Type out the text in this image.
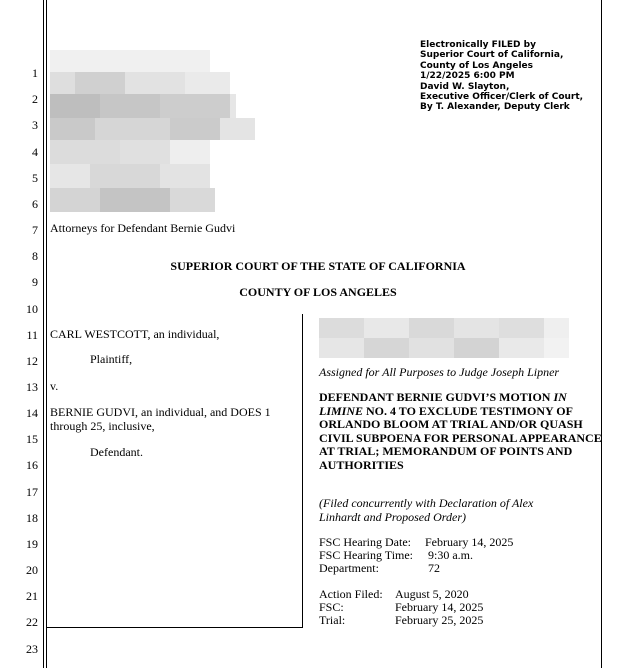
1
2
3
4
5
6
7
8
9
10
11
12
13
14
15
16
17
18
19
20
21
22
23
Electronically FILED by
Superior Court of California,
County of Los Angeles
1/22/2025 6:00 PM
David W. Slayton,
Executive Officer/Clerk of Court,
By T. Alexander, Deputy Clerk
Attorneys for Defendant Bernie Gudvi
SUPERIOR COURT OF THE STATE OF CALIFORNIA
COUNTY OF LOS ANGELES
CARL WESTCOTT, an individual,
Plaintiff,
v.
BERNIE GUDVI, an individual, and DOES 1
through 25, inclusive,
Defendant.
Assigned for All Purposes to Judge Joseph Lipner
DEFENDANT BERNIE GUDVI’S MOTION IN LIMINE NO. 4 TO EXCLUDE TESTIMONY OF ORLANDO BLOOM AT TRIAL AND/OR QUASH CIVIL SUBPOENA FOR PERSONAL APPEARANCE AT TRIAL; MEMORANDUM OF POINTS AND AUTHORITIES
(Filed concurrently with Declaration of Alex
Linhardt and Proposed Order)
FSC Hearing Date: February 14, 2025
FSC Hearing Time: 9:30 a.m.
Department:	72
Action Filed: August 5, 2020
FSC:	February 14, 2025
Trial:	February 25, 2025
